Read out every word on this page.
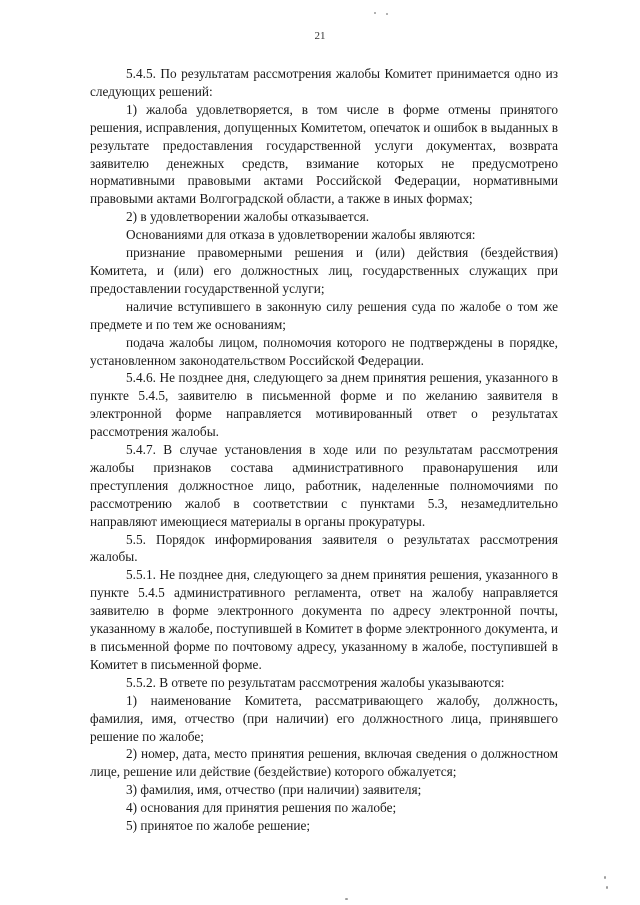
21

5.4.5. По результатам рассмотрения жалобы Комитет принимается одно из следующих решений:

1) жалоба удовлетворяется, в том числе в форме отмены принятого решения, исправления, допущенных Комитетом, опечаток и ошибок в выданных в результате предоставления государственной услуги документах, возврата заявителю денежных средств, взимание которых не предусмотрено нормативными правовыми актами Российской Федерации, нормативными правовыми актами Волгоградской области, а также в иных формах;

2) в удовлетворении жалобы отказывается.

Основаниями для отказа в удовлетворении жалобы являются:

признание правомерными решения и (или) действия (бездействия) Комитета, и (или) его должностных лиц, государственных служащих при предоставлении государственной услуги;

наличие вступившего в законную силу решения суда по жалобе о том же предмете и по тем же основаниям;

подача жалобы лицом, полномочия которого не подтверждены в порядке, установленном законодательством Российской Федерации.

5.4.6. Не позднее дня, следующего за днем принятия решения, указанного в пункте 5.4.5, заявителю в письменной форме и по желанию заявителя в электронной форме направляется мотивированный ответ о результатах рассмотрения жалобы.

5.4.7. В случае установления в ходе или по результатам рассмотрения жалобы признаков состава административного правонарушения или преступления должностное лицо, работник, наделенные полномочиями по рассмотрению жалоб в соответствии с пунктами 5.3, незамедлительно направляют имеющиеся материалы в органы прокуратуры.

5.5. Порядок информирования заявителя о результатах рассмотрения жалобы.

5.5.1. Не позднее дня, следующего за днем принятия решения, указанного в пункте 5.4.5 административного регламента, ответ на жалобу направляется заявителю в форме электронного документа по адресу электронной почты, указанному в жалобе, поступившей в Комитет в форме электронного документа, и в письменной форме по почтовому адресу, указанному в жалобе, поступившей в Комитет в письменной форме.

5.5.2. В ответе по результатам рассмотрения жалобы указываются:

1) наименование Комитета, рассматривающего жалобу, должность, фамилия, имя, отчество (при наличии) его должностного лица, принявшего решение по жалобе;

2) номер, дата, место принятия решения, включая сведения о должностном лице, решение или действие (бездействие) которого обжалуется;

3) фамилия, имя, отчество (при наличии) заявителя;

4) основания для принятия решения по жалобе;

5) принятое по жалобе решение;
